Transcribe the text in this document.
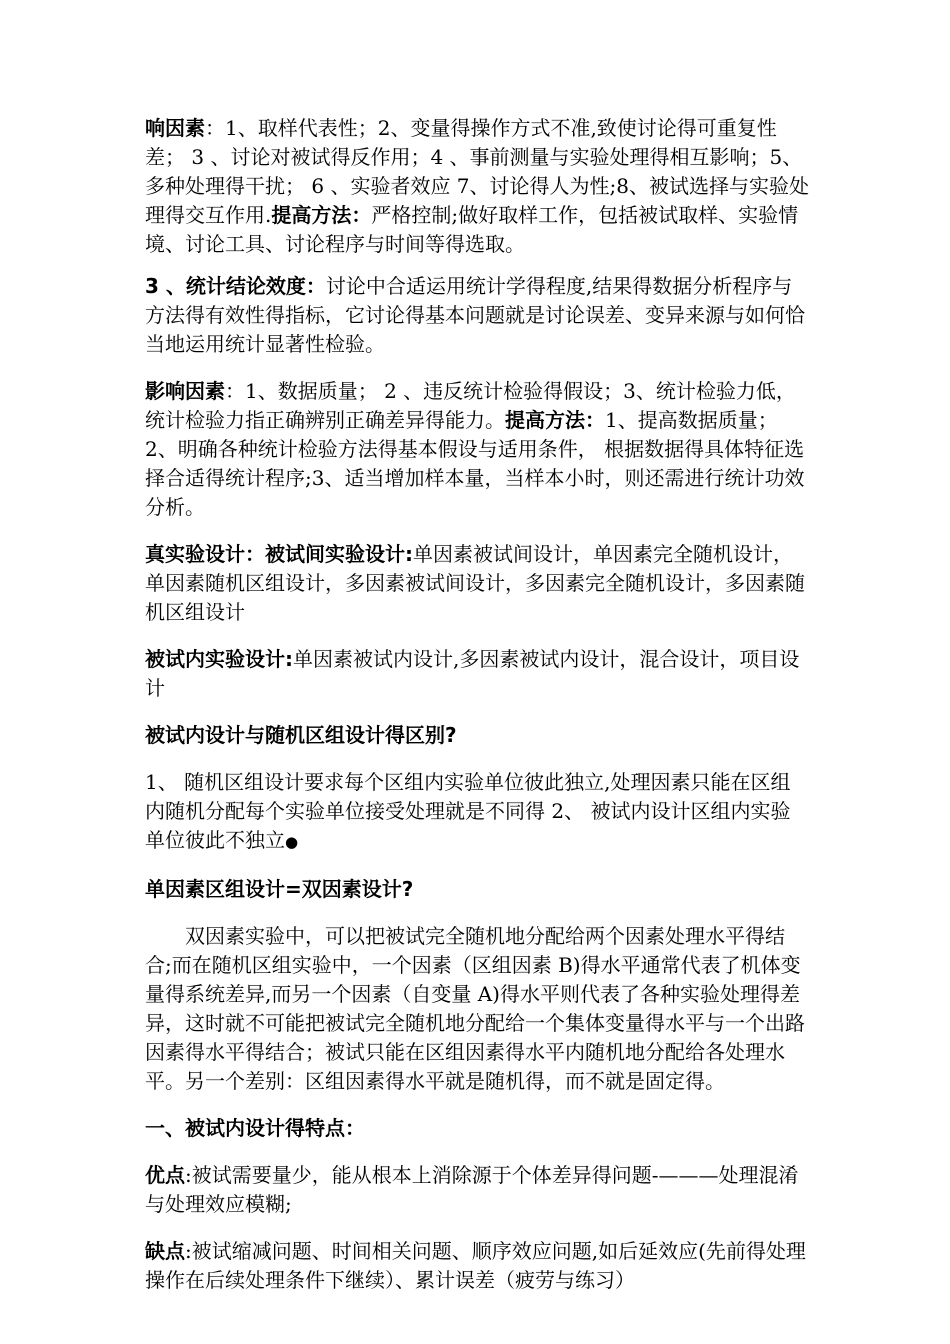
响因素：1、取样代表性；2、变量得操作方式不准,致使讨论得可重复性差； 3 、讨论对被试得反作用；4 、事前测量与实验处理得相互影响；5、多种处理得干扰； 6 、实验者效应 7、讨论得人为性;8、被试选择与实验处理得交互作用.提高方法：严格控制;做好取样工作，包括被试取样、实验情境、讨论工具、讨论程序与时间等得选取。

3 、统计结论效度：讨论中合适运用统计学得程度,结果得数据分析程序与方法得有效性得指标，它讨论得基本问题就是讨论误差、变异来源与如何恰当地运用统计显著性检验。

影响因素：1、数据质量； 2 、违反统计检验得假设；3、统计检验力低，统计检验力指正确辨别正确差异得能力。提高方法：1、提高数据质量；2、明确各种统计检验方法得基本假设与适用条件， 根据数据得具体特征选择合适得统计程序;3、适当增加样本量，当样本小时，则还需进行统计功效分析。

真实验设计：被试间实验设计:单因素被试间设计，单因素完全随机设计，单因素随机区组设计，多因素被试间设计，多因素完全随机设计，多因素随机区组设计

被试内实验设计:单因素被试内设计,多因素被试内设计，混合设计，项目设计

被试内设计与随机区组设计得区别?

1、 随机区组设计要求每个区组内实验单位彼此独立,处理因素只能在区组内随机分配每个实验单位接受处理就是不同得 2、 被试内设计区组内实验单位彼此不独立●

单因素区组设计=双因素设计?

双因素实验中，可以把被试完全随机地分配给两个因素处理水平得结合;而在随机区组实验中，一个因素（区组因素 B)得水平通常代表了机体变量得系统差异,而另一个因素（自变量 A)得水平则代表了各种实验处理得差异，这时就不可能把被试完全随机地分配给一个集体变量得水平与一个出路因素得水平得结合；被试只能在区组因素得水平内随机地分配给各处理水平。另一个差别：区组因素得水平就是随机得，而不就是固定得。

一、被试内设计得特点：

优点:被试需要量少，能从根本上消除源于个体差异得问题-———处理混淆与处理效应模糊;

缺点:被试缩减问题、时间相关问题、顺序效应问题,如后延效应(先前得处理操作在后续处理条件下继续）、累计误差（疲劳与练习）
